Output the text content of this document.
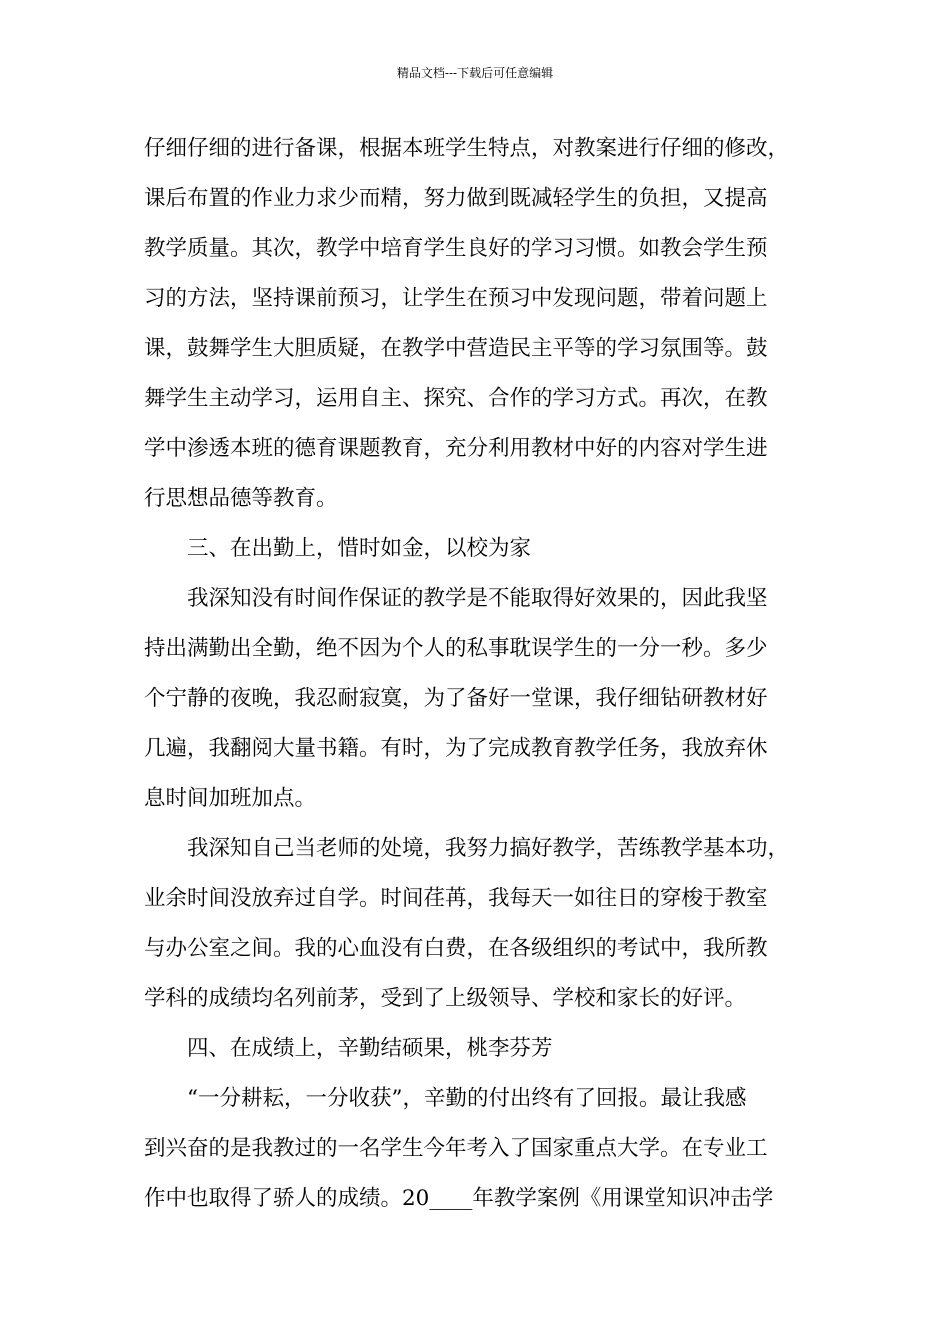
精品文档---下载后可任意编辑
仔细仔细的进行备课，根据本班学生特点，对教案进行仔细的修改，
课后布置的作业力求少而精，努力做到既减轻学生的负担，又提高
教学质量。其次，教学中培育学生良好的学习习惯。如教会学生预
习的方法，坚持课前预习，让学生在预习中发现问题，带着问题上
课，鼓舞学生大胆质疑，在教学中营造民主平等的学习氛围等。鼓
舞学生主动学习，运用自主、探究、合作的学习方式。再次，在教
学中渗透本班的德育课题教育，充分利用教材中好的内容对学生进
行思想品德等教育。
　　三、在出勤上，惜时如金，以校为家
　　我深知没有时间作保证的教学是不能取得好效果的，因此我坚
持出满勤出全勤，绝不因为个人的私事耽误学生的一分一秒。多少
个宁静的夜晚，我忍耐寂寞，为了备好一堂课，我仔细钻研教材好
几遍，我翻阅大量书籍。有时，为了完成教育教学任务，我放弃休
息时间加班加点。
　　我深知自己当老师的处境，我努力搞好教学，苦练教学基本功，
业余时间没放弃过自学。时间荏苒，我每天一如往日的穿梭于教室
与办公室之间。我的心血没有白费，在各级组织的考试中，我所教
学科的成绩均名列前茅，受到了上级领导、学校和家长的好评。
　　四、在成绩上，辛勤结硕果，桃李芬芳
　　“一分耕耘，一分收获”，辛勤的付出终有了回报。最让我感
到兴奋的是我教过的一名学生今年考入了国家重点大学。在专业工
作中也取得了骄人的成绩。20____年教学案例《用课堂知识冲击学
